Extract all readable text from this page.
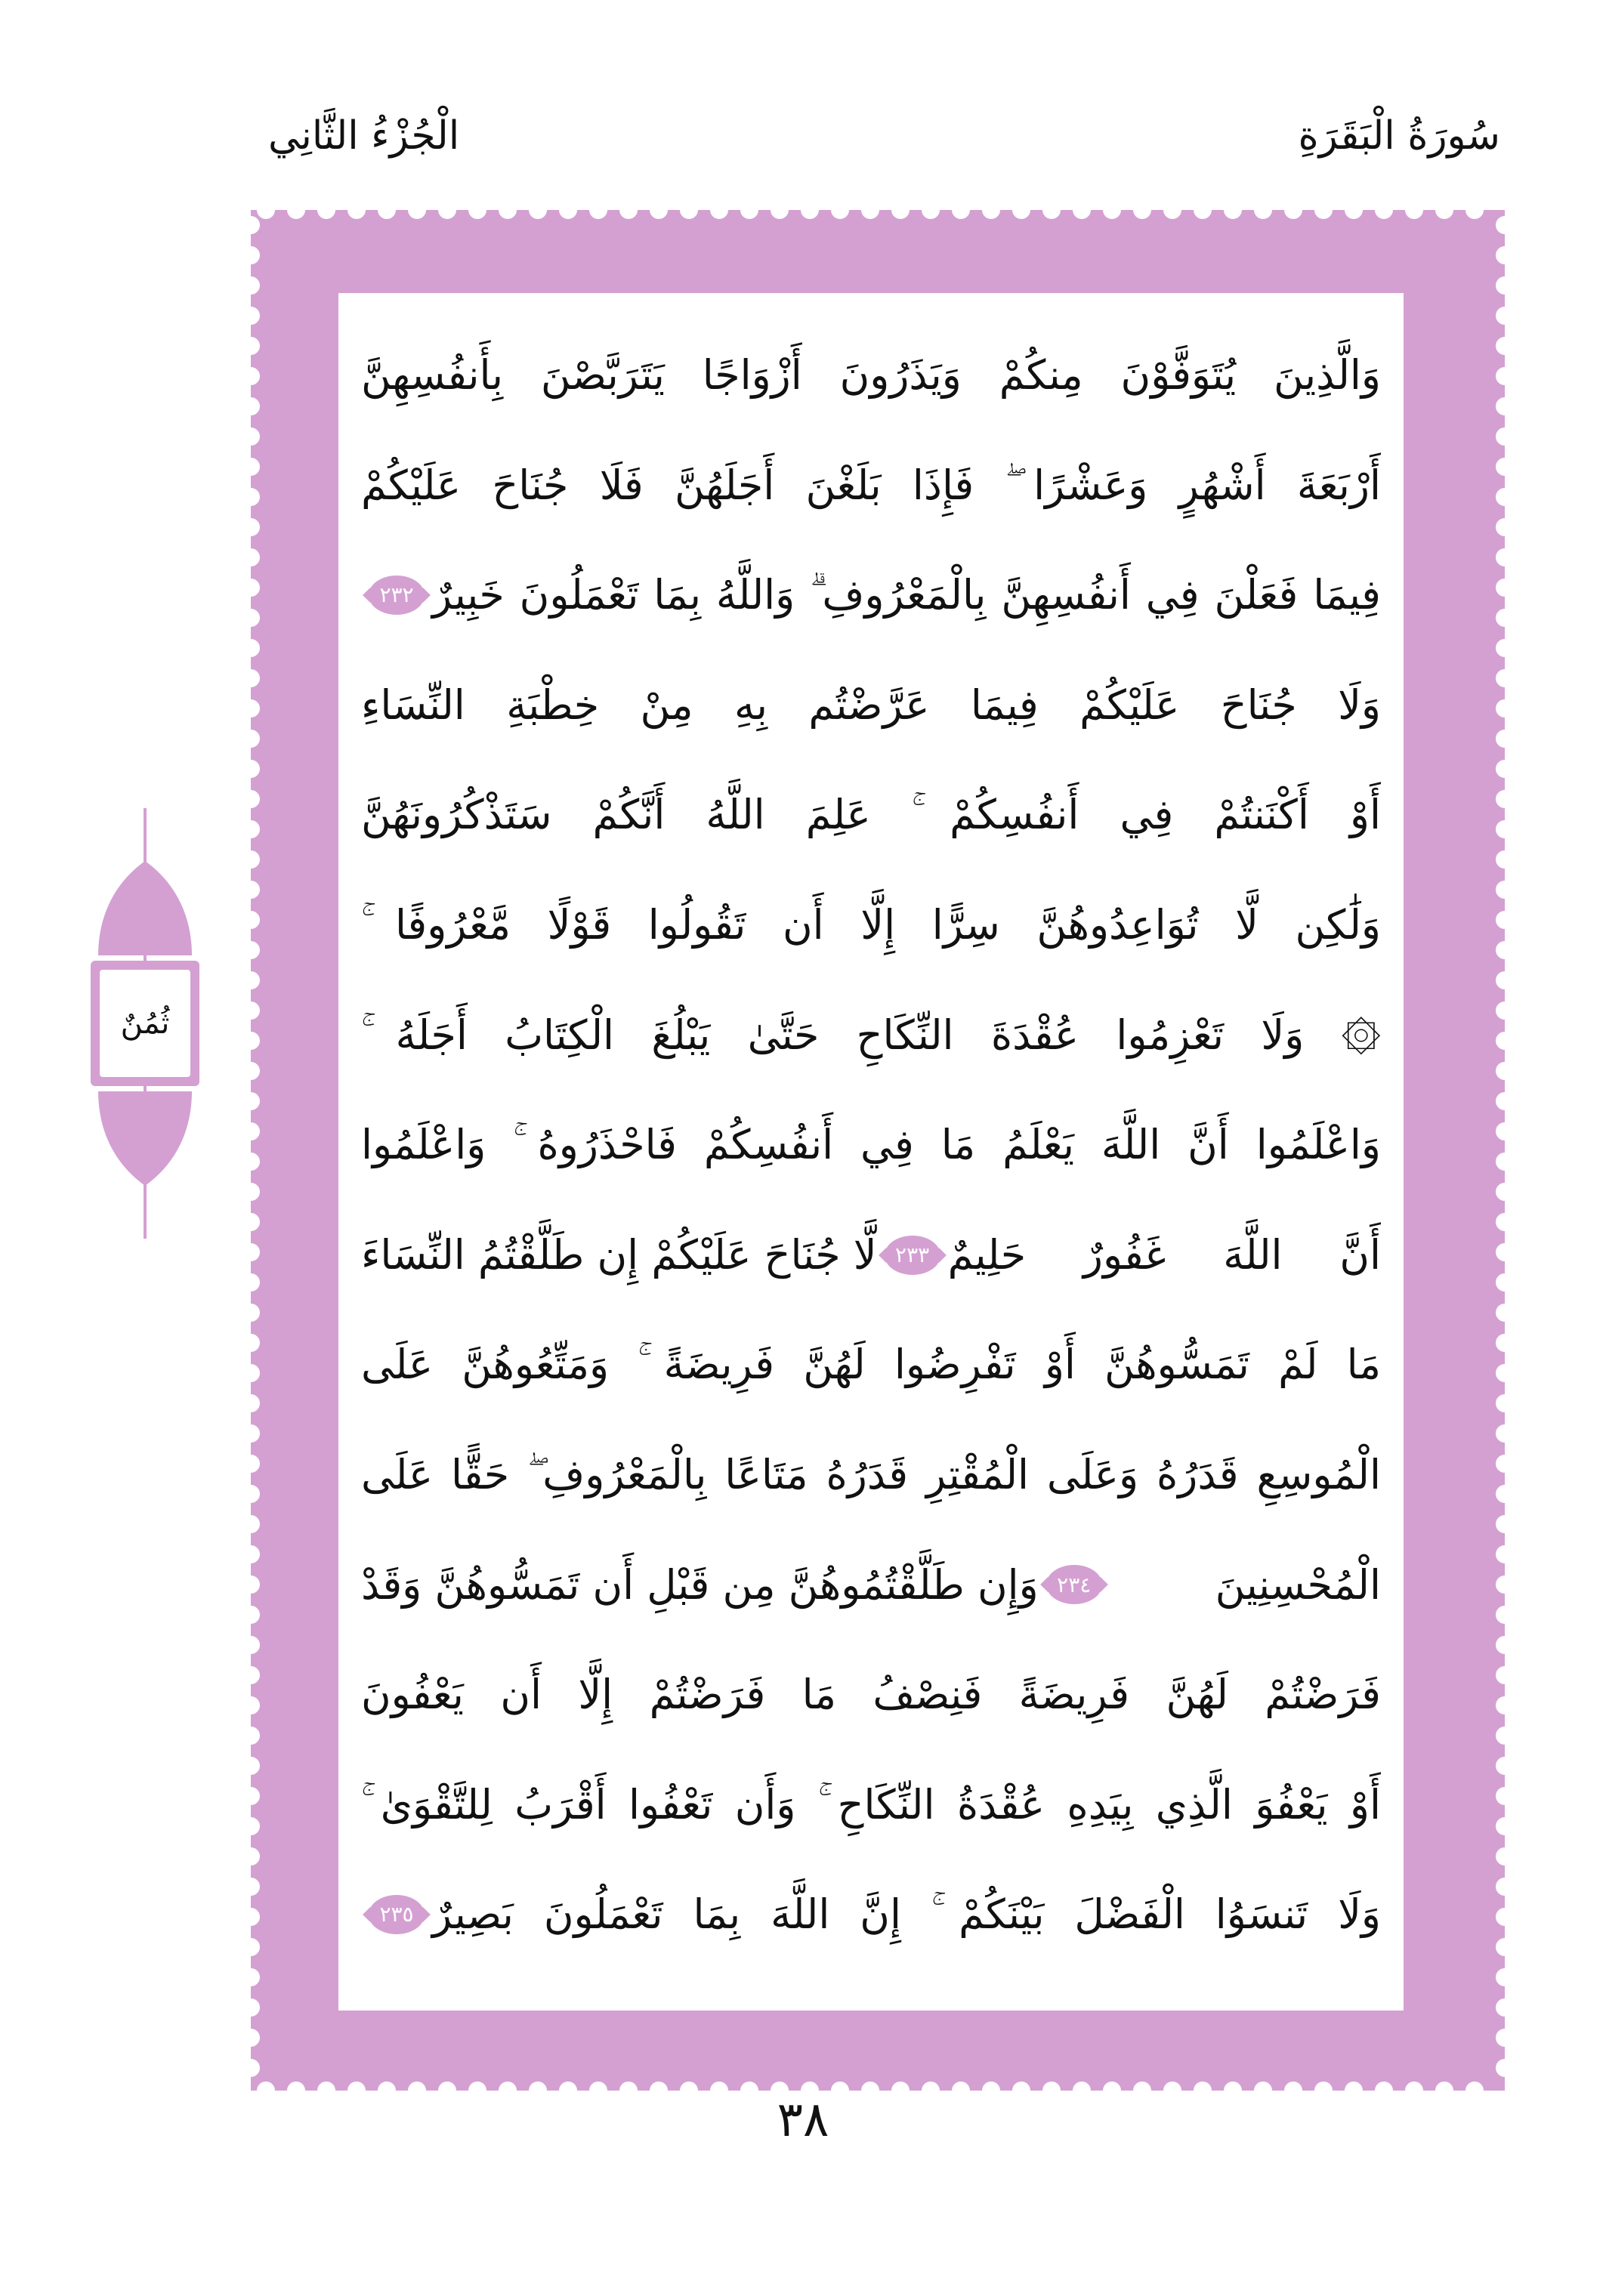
الْجُزْءُ الثَّانِي	سُورَةُ الْبَقَرَةِ
ثُمُنٌ
وَالَّذِينَ يُتَوَفَّوْنَ مِنكُمْ وَيَذَرُونَ أَزْوَاجًا يَتَرَبَّصْنَ بِأَنفُسِهِنَّ
أَرْبَعَةَ أَشْهُرٍ وَعَشْرًا ۖ فَإِذَا بَلَغْنَ أَجَلَهُنَّ فَلَا جُنَاحَ عَلَيْكُمْ
فِيمَا فَعَلْنَ فِي أَنفُسِهِنَّ بِالْمَعْرُوفِ ۗ وَاللَّهُ بِمَا تَعْمَلُونَ خَبِيرٌ
٢٣٢
وَلَا جُنَاحَ عَلَيْكُمْ فِيمَا عَرَّضْتُم بِهِ مِنْ خِطْبَةِ النِّسَاءِ
أَوْ أَكْنَنتُمْ فِي أَنفُسِكُمْ ۚ عَلِمَ اللَّهُ أَنَّكُمْ سَتَذْكُرُونَهُنَّ
وَلَٰكِن لَّا تُوَاعِدُوهُنَّ سِرًّا إِلَّا أَن تَقُولُوا قَوْلًا مَّعْرُوفًا ۚ
۞ وَلَا تَعْزِمُوا عُقْدَةَ النِّكَاحِ حَتَّىٰ يَبْلُغَ الْكِتَابُ أَجَلَهُ ۚ
وَاعْلَمُوا أَنَّ اللَّهَ يَعْلَمُ مَا فِي أَنفُسِكُمْ فَاحْذَرُوهُ ۚ وَاعْلَمُوا
أَنَّ اللَّهَ غَفُورٌ حَلِيمٌ
٢٣٣
لَّا جُنَاحَ عَلَيْكُمْ إِن طَلَّقْتُمُ النِّسَاءَ
مَا لَمْ تَمَسُّوهُنَّ أَوْ تَفْرِضُوا لَهُنَّ فَرِيضَةً ۚ وَمَتِّعُوهُنَّ عَلَى
الْمُوسِعِ قَدَرُهُ وَعَلَى الْمُقْتِرِ قَدَرُهُ مَتَاعًا بِالْمَعْرُوفِ ۖ حَقًّا عَلَى
الْمُحْسِنِينَ
٢٣٤
وَإِن طَلَّقْتُمُوهُنَّ مِن قَبْلِ أَن تَمَسُّوهُنَّ وَقَدْ
فَرَضْتُمْ لَهُنَّ فَرِيضَةً فَنِصْفُ مَا فَرَضْتُمْ إِلَّا أَن يَعْفُونَ
أَوْ يَعْفُوَ الَّذِي بِيَدِهِ عُقْدَةُ النِّكَاحِ ۚ وَأَن تَعْفُوا أَقْرَبُ لِلتَّقْوَىٰ ۚ
وَلَا تَنسَوُا الْفَضْلَ بَيْنَكُمْ ۚ إِنَّ اللَّهَ بِمَا تَعْمَلُونَ بَصِيرٌ
٢٣٥
٣٨
